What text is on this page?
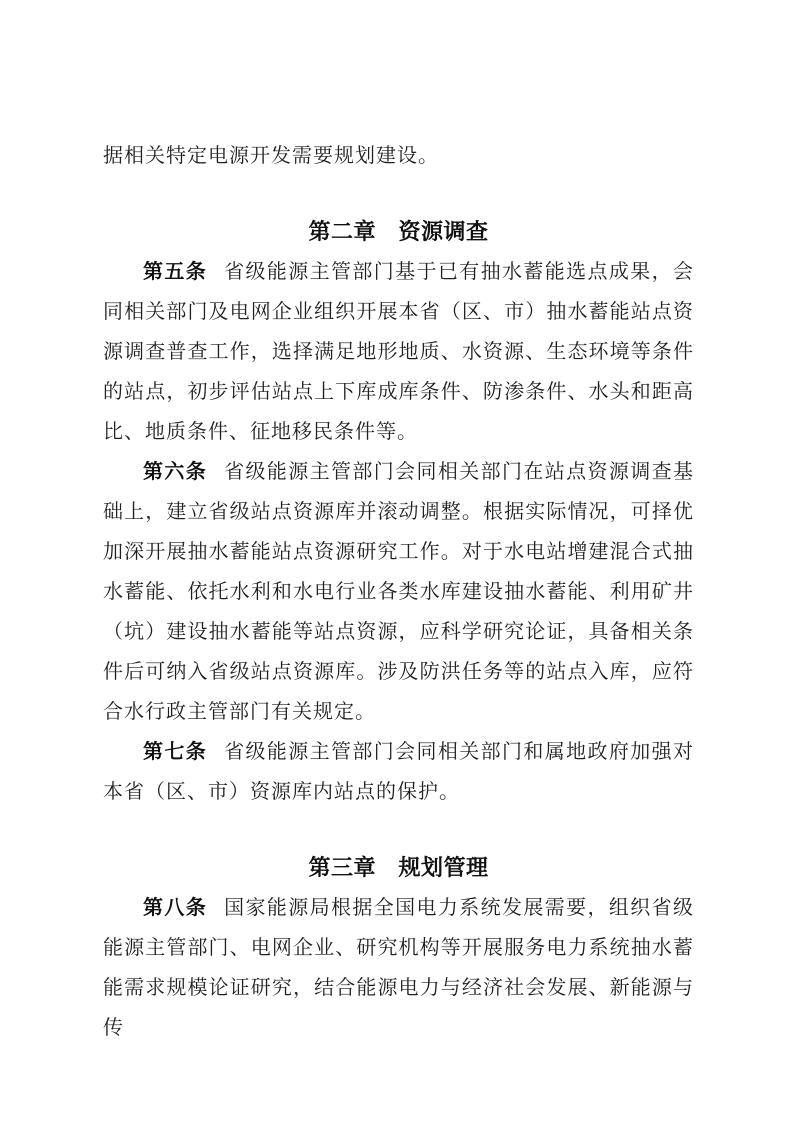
据相关特定电源开发需要规划建设。

第二章　资源调查

第五条 省级能源主管部门基于已有抽水蓄能选点成果，会同相关部门及电网企业组织开展本省（区、市）抽水蓄能站点资源调查普查工作，选择满足地形地质、水资源、生态环境等条件的站点，初步评估站点上下库成库条件、防渗条件、水头和距高比、地质条件、征地移民条件等。

第六条 省级能源主管部门会同相关部门在站点资源调查基础上，建立省级站点资源库并滚动调整。根据实际情况，可择优加深开展抽水蓄能站点资源研究工作。对于水电站增建混合式抽水蓄能、依托水利和水电行业各类水库建设抽水蓄能、利用矿井（坑）建设抽水蓄能等站点资源，应科学研究论证，具备相关条件后可纳入省级站点资源库。涉及防洪任务等的站点入库，应符合水行政主管部门有关规定。

第七条 省级能源主管部门会同相关部门和属地政府加强对本省（区、市）资源库内站点的保护。

第三章　规划管理

第八条 国家能源局根据全国电力系统发展需要，组织省级能源主管部门、电网企业、研究机构等开展服务电力系统抽水蓄能需求规模论证研究，结合能源电力与经济社会发展、新能源与传
